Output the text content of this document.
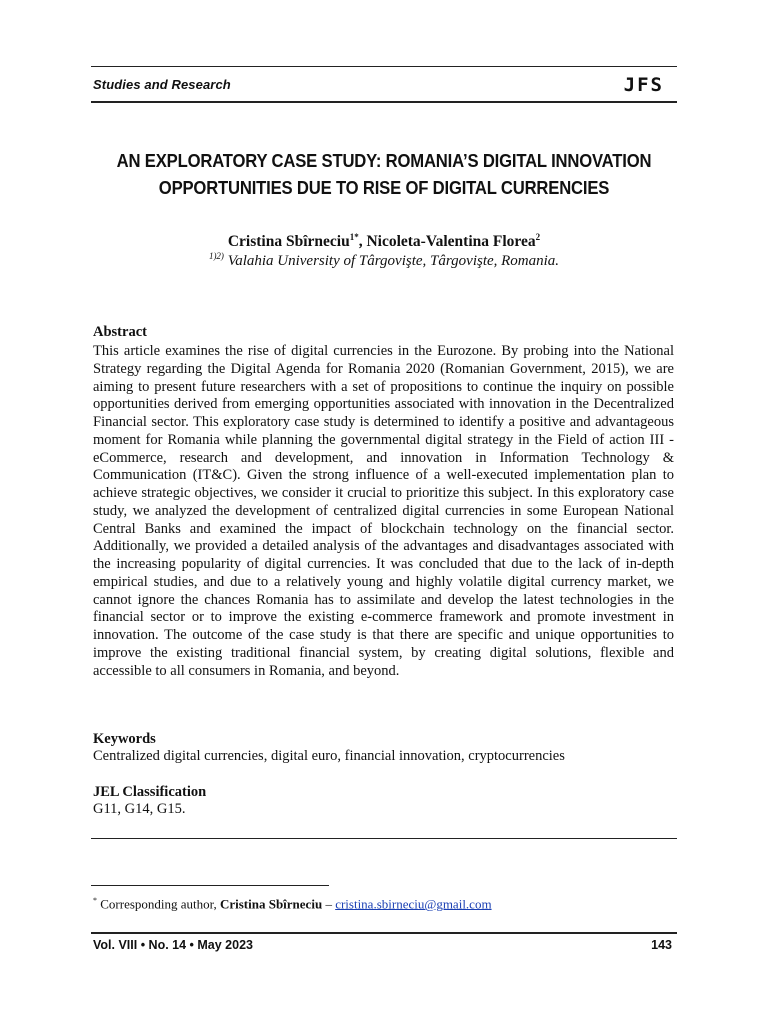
Studies and Research	JFS
AN EXPLORATORY CASE STUDY: ROMANIA’S DIGITAL INNOVATION OPPORTUNITIES DUE TO RISE OF DIGITAL CURRENCIES
Cristina Sbîrneciu$^{1*}$, Nicoleta-Valentina Florea$^2$
$^{1)2)}$ Valahia University of Târgovişte, Târgovişte, Romania.
Abstract
This article examines the rise of digital currencies in the Eurozone. By probing into the National Strategy regarding the Digital Agenda for Romania 2020 (Romanian Government, 2015), we are aiming to present future researchers with a set of propositions to continue the inquiry on possible opportunities derived from emerging opportunities associated with innovation in the Decentralized Financial sector. This exploratory case study is determined to identify a positive and advantageous moment for Romania while planning the governmental digital strategy in the Field of action III - eCommerce, research and development, and innovation in Information Technology & Communication (IT&C). Given the strong influence of a well-executed implementation plan to achieve strategic objectives, we consider it crucial to prioritize this subject. In this exploratory case study, we analyzed the development of centralized digital currencies in some European National Central Banks and examined the impact of blockchain technology on the financial sector. Additionally, we provided a detailed analysis of the advantages and disadvantages associated with the increasing popularity of digital currencies. It was concluded that due to the lack of in-depth empirical studies, and due to a relatively young and highly volatile digital currency market, we cannot ignore the chances Romania has to assimilate and develop the latest technologies in the financial sector or to improve the existing e-commerce framework and promote investment in innovation. The outcome of the case study is that there are specific and unique opportunities to improve the existing traditional financial system, by creating digital solutions, flexible and accessible to all consumers in Romania, and beyond.
Keywords
Centralized digital currencies, digital euro, financial innovation, cryptocurrencies
JEL Classification
G11, G14, G15.
* Corresponding author, Cristina Sbîrneciu – cristina.sbirneciu@gmail.com
Vol. VIII • No. 14 • May 2023	143
